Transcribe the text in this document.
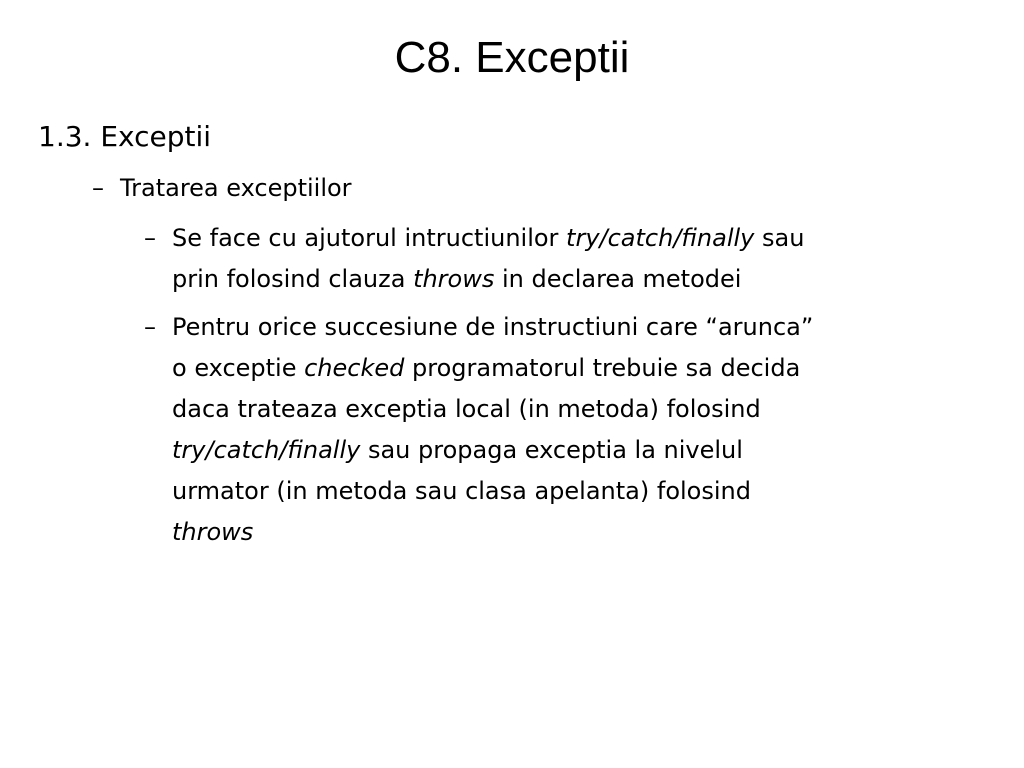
C8. Exceptii
1.3. Exceptii
– Tratarea exceptiilor
– Se face cu ajutorul intructiunilor try/catch/finally sau
prin folosind clauza throws in declarea metodei
– Pentru orice succesiune de instructiuni care “arunca”
o exceptie checked programatorul trebuie sa decida
daca trateaza exceptia local (in metoda) folosind
try/catch/finally sau propaga exceptia la nivelul
urmator (in metoda sau clasa apelanta) folosind
throws
